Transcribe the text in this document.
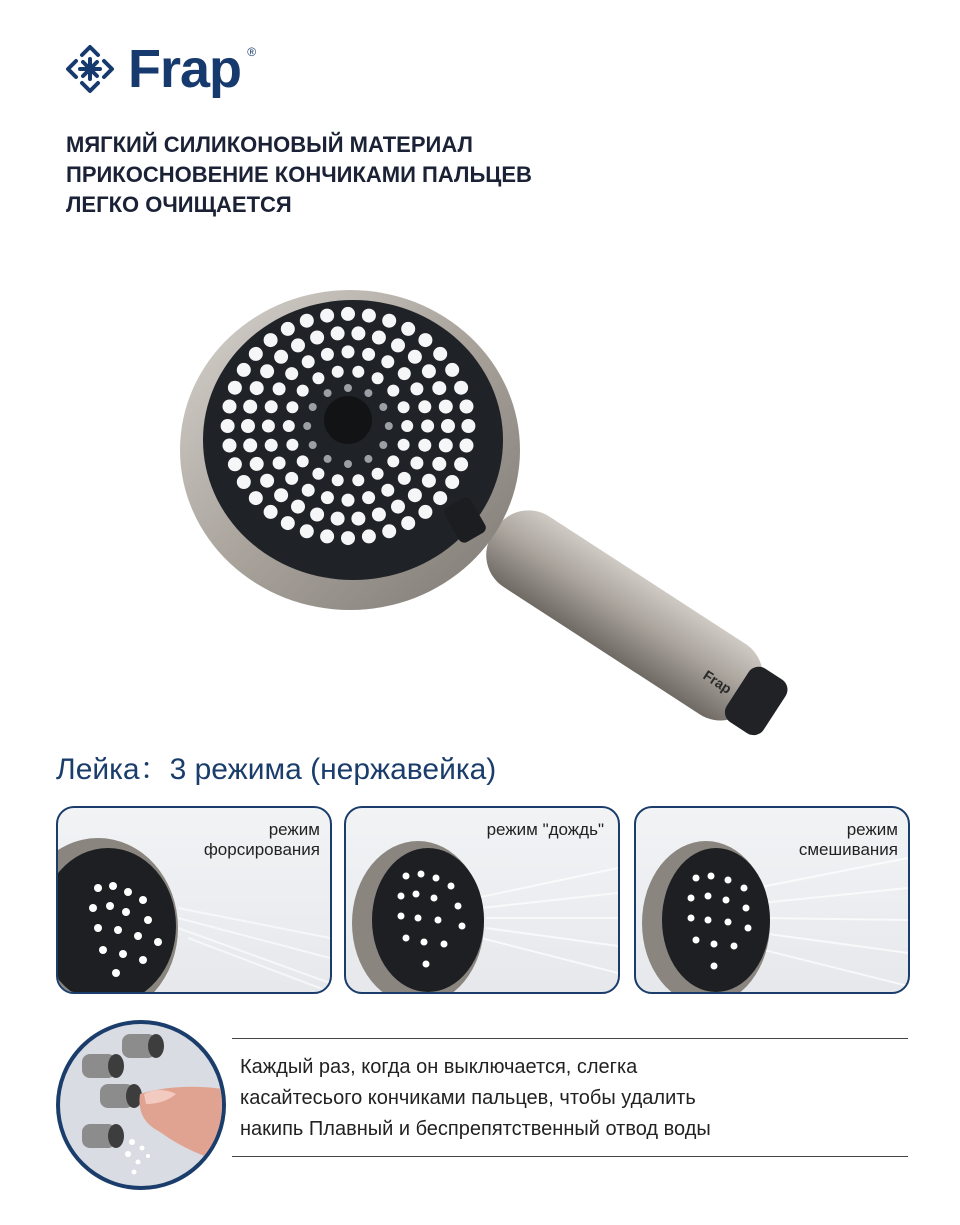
Frap ®
МЯГКИЙ СИЛИКОНОВЫЙ МАТЕРИАЛ
ПРИКОСНОВЕНИЕ КОНЧИКАМИ ПАЛЬЦЕВ
ЛЕГКО ОЧИЩАЕТСЯ
Frap
Лейка：3 режима (нержавейка)
режим
форсирования
режим "дождь"	режим
смешивания
Каждый раз, когда он выключается, слегка
касайтесього кончиками пальцев, чтобы удалить
накипь Плавный и беспрепятственный отвод воды
